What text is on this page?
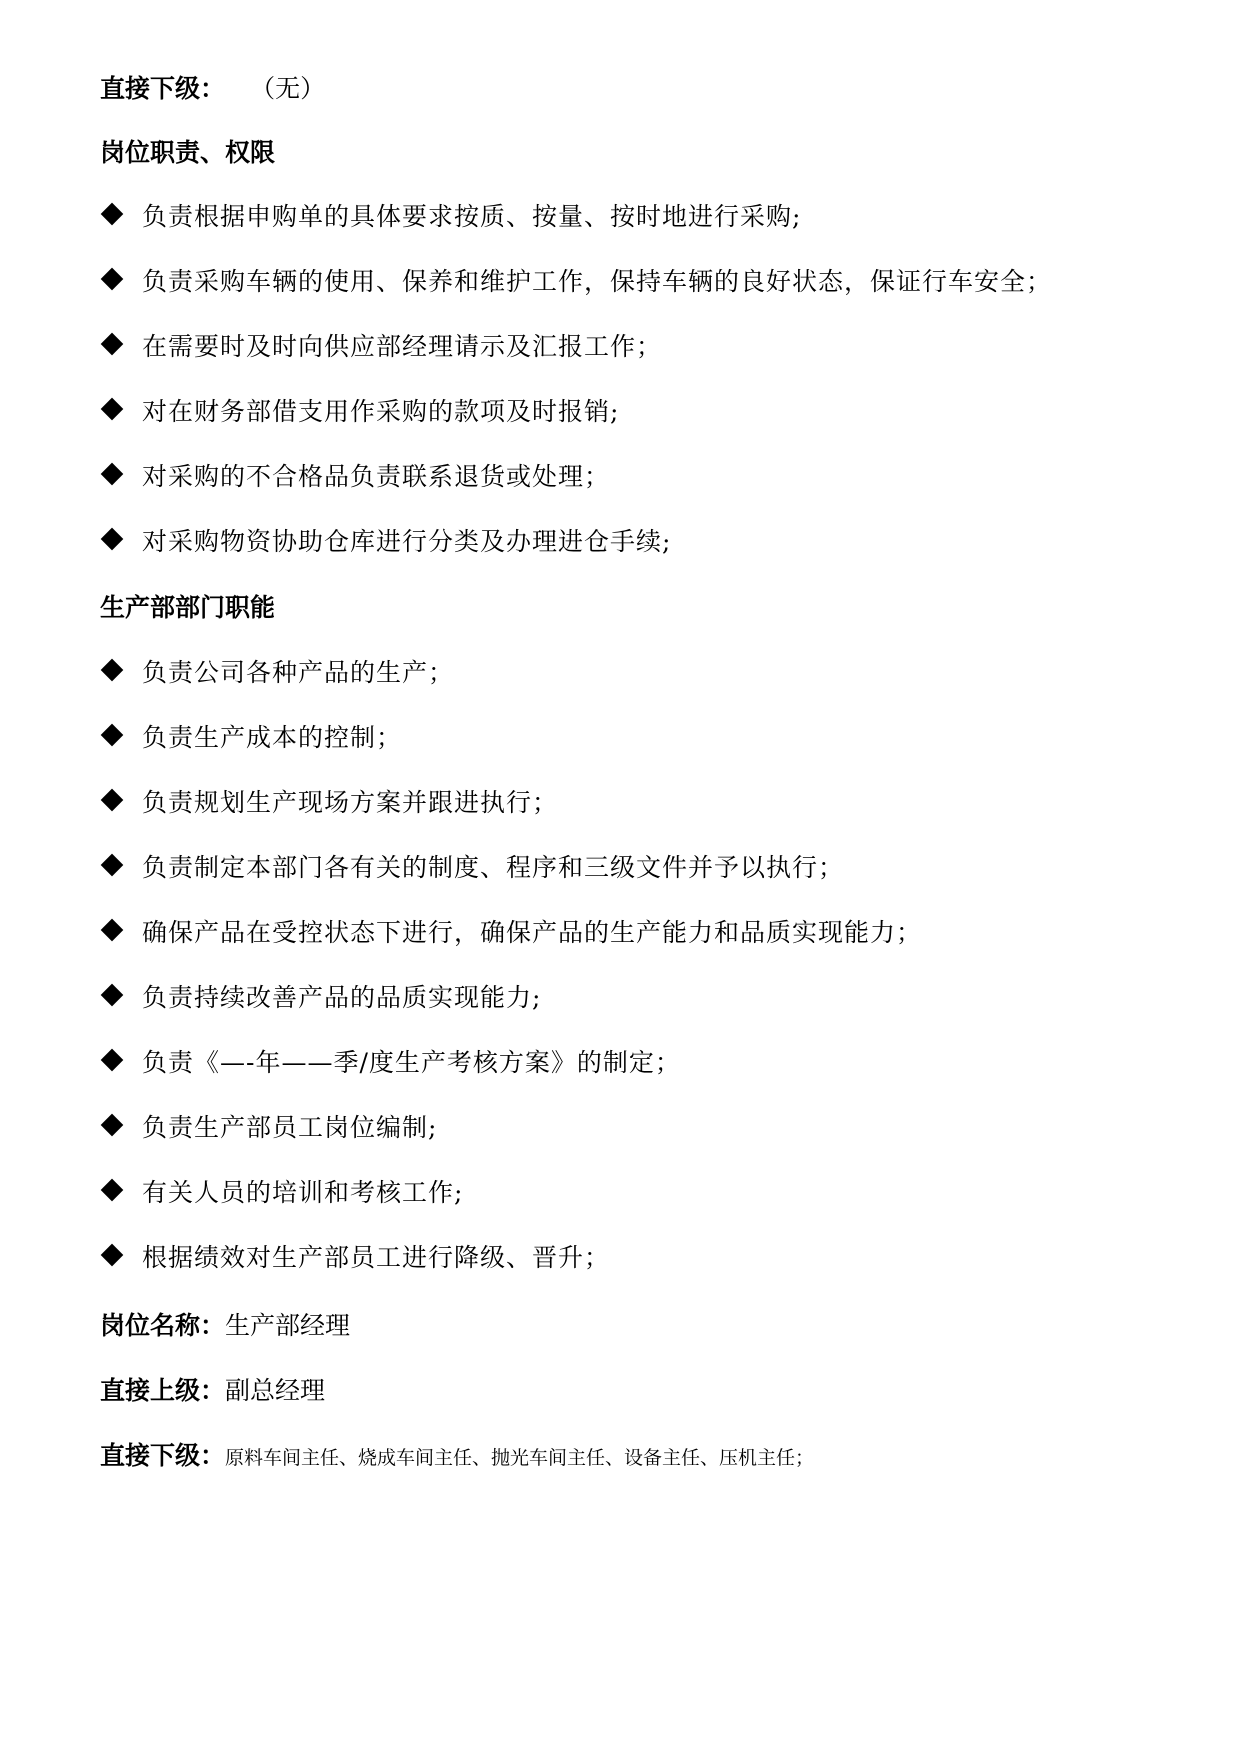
直接下级： （无）
岗位职责、权限
负责根据申购单的具体要求按质、按量、按时地进行采购;
负责采购车辆的使用、保养和维护工作，保持车辆的良好状态，保证行车安全；
在需要时及时向供应部经理请示及汇报工作；
对在财务部借支用作采购的款项及时报销;
对采购的不合格品负责联系退货或处理；
对采购物资协助仓库进行分类及办理进仓手续;
生产部部门职能
负责公司各种产品的生产；
负责生产成本的控制；
负责规划生产现场方案并跟进执行；
负责制定本部门各有关的制度、程序和三级文件并予以执行；
确保产品在受控状态下进行，确保产品的生产能力和品质实现能力；
负责持续改善产品的品质实现能力;
负责《—-年——季/度生产考核方案》的制定；
负责生产部员工岗位编制;
有关人员的培训和考核工作;
根据绩效对生产部员工进行降级、晋升；
岗位名称：生产部经理
直接上级：副总经理
直接下级：原料车间主任、烧成车间主任、抛光车间主任、设备主任、压机主任；
